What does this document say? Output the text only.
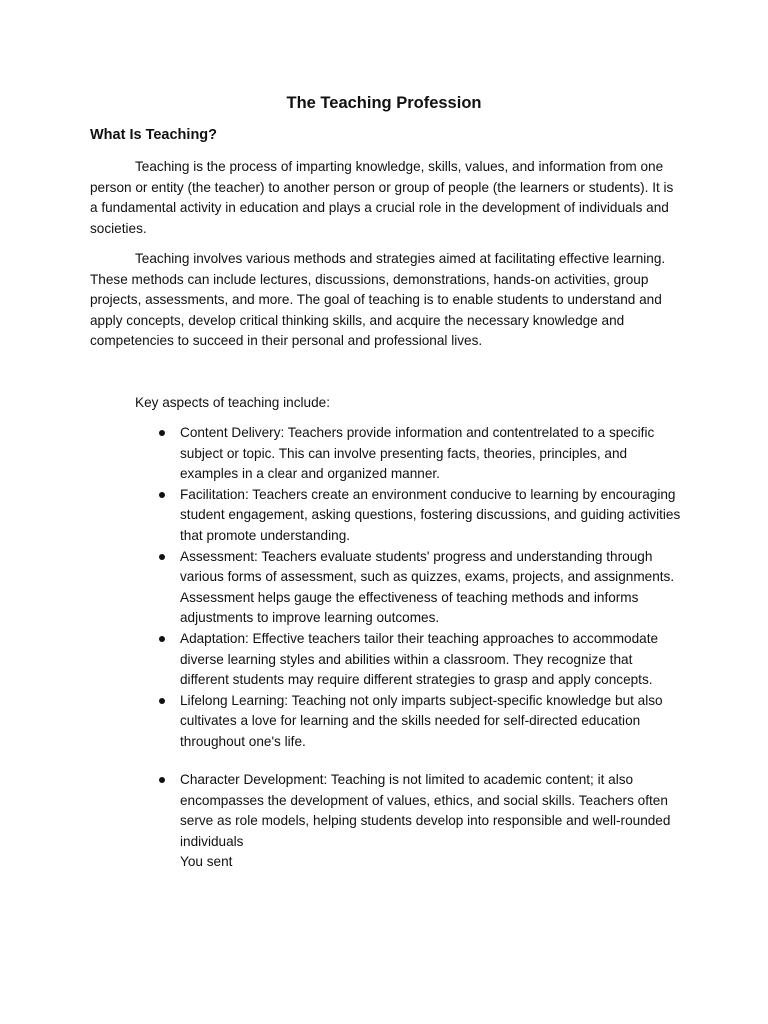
The Teaching Profession
What Is Teaching?

Teaching is the process of imparting knowledge, skills, values, and information from one person or entity (the teacher) to another person or group of people (the learners or students). It is a fundamental activity in education and plays a crucial role in the development of individuals and societies.

Teaching involves various methods and strategies aimed at facilitating effective learning. These methods can include lectures, discussions, demonstrations, hands-on activities, group projects, assessments, and more. The goal of teaching is to enable students to understand and apply concepts, develop critical thinking skills, and acquire the necessary knowledge and competencies to succeed in their personal and professional lives.

Key aspects of teaching include:

Content Delivery: Teachers provide information and contentrelated to a specific subject or topic. This can involve presenting facts, theories, principles, and examples in a clear and organized manner.
Facilitation: Teachers create an environment conducive to learning by encouraging student engagement, asking questions, fostering discussions, and guiding activities that promote understanding.
Assessment: Teachers evaluate students' progress and understanding through various forms of assessment, such as quizzes, exams, projects, and assignments. Assessment helps gauge the effectiveness of teaching methods and informs adjustments to improve learning outcomes.
Adaptation: Effective teachers tailor their teaching approaches to accommodate diverse learning styles and abilities within a classroom. They recognize that different students may require different strategies to grasp and apply concepts.
Lifelong Learning: Teaching not only imparts subject-specific knowledge but also cultivates a love for learning and the skills needed for self-directed education throughout one's life.
Character Development: Teaching is not limited to academic content; it also encompasses the development of values, ethics, and social skills. Teachers often serve as role models, helping students develop into responsible and well-rounded individuals
You sent
